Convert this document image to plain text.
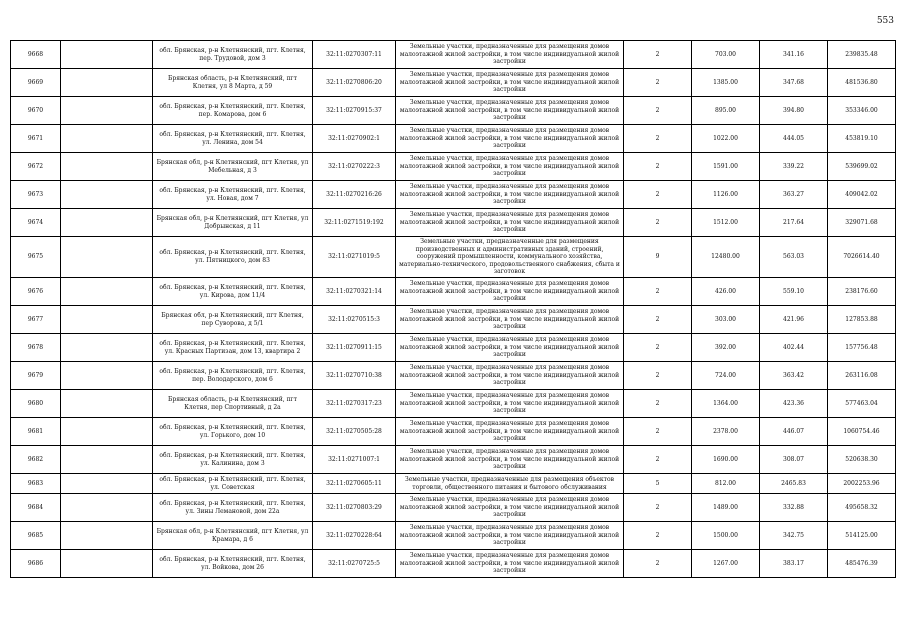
553
9668		обл. Брянская, р-н Клетнянский, пгт. Клетня, пер. Трудовой, дом 3	32:11:0270307:11	Земельные участки, предназначенные для размещения домов малоэтажной жилой застройки, в том числе индивидуальной жилой застройки	2	703.00	341.16	239835.48
9669		Брянская область, р-н Клетнянский, пгт Клетня, ул 8 Марта, д 59	32:11:0270806:20	Земельные участки, предназначенные для размещения домов малоэтажной жилой застройки, в том числе индивидуальной жилой застройки	2	1385.00	347.68	481536.80
9670		обл. Брянская, р-н Клетнянский, пгт. Клетня, пер. Комарова, дом 6	32:11:0270915:37	Земельные участки, предназначенные для размещения домов малоэтажной жилой застройки, в том числе индивидуальной жилой застройки	2	895.00	394.80	353346.00
9671		обл. Брянская, р-н Клетнянский, пгт. Клетня, ул. Ленина, дом 54	32:11:0270902:1	Земельные участки, предназначенные для размещения домов малоэтажной жилой застройки, в том числе индивидуальной жилой застройки	2	1022.00	444.05	453819.10
9672		Брянская обл, р-н Клетнянский, пгт Клетня, ул Мебельная, д 3	32:11:0270222:3	Земельные участки, предназначенные для размещения домов малоэтажной жилой застройки, в том числе индивидуальной жилой застройки	2	1591.00	339.22	539699.02
9673		обл. Брянская, р-н Клетнянский, пгт. Клетня, ул. Новая, дом 7	32:11:0270216:26	Земельные участки, предназначенные для размещения домов малоэтажной жилой застройки, в том числе индивидуальной жилой застройки	2	1126.00	363.27	409042.02
9674		Брянская обл, р-н Клетнянский, пгт Клетня, ул Добрынская, д 11	32:11:0271519:192	Земельные участки, предназначенные для размещения домов малоэтажной жилой застройки, в том числе индивидуальной жилой застройки	2	1512.00	217.64	329071.68
9675		обл. Брянская, р-н Клетнянский, пгт. Клетня, ул. Пятницкого, дом 83	32:11:0271019:5	Земельные участки, предназначенные для размещения производственных и административных зданий, строений, сооружений промышленности, коммунального хозяйства, материально-технического, продовольственного снабжения, сбыта и заготовок	9	12480.00	563.03	7026614.40
9676		обл. Брянская, р-н Клетнянский, пгт. Клетня, ул. Кирова, дом 11/4	32:11:0270321:14	Земельные участки, предназначенные для размещения домов малоэтажной жилой застройки, в том числе индивидуальной жилой застройки	2	426.00	559.10	238176.60
9677		Брянская обл, р-н Клетнянский, пгт Клетня, пер Суворова, д 5/1	32:11:0270515:3	Земельные участки, предназначенные для размещения домов малоэтажной жилой застройки, в том числе индивидуальной жилой застройки	2	303.00	421.96	127853.88
9678		обл. Брянская, р-н Клетнянский, пгт. Клетня, ул. Красных Партизан, дом 13, квартира 2	32:11:0270911:15	Земельные участки, предназначенные для размещения домов малоэтажной жилой застройки, в том числе индивидуальной жилой застройки	2	392.00	402.44	157756.48
9679		обл. Брянская, р-н Клетнянский, пгт. Клетня, пер. Володарского, дом 6	32:11:0270710:38	Земельные участки, предназначенные для размещения домов малоэтажной жилой застройки, в том числе индивидуальной жилой застройки	2	724.00	363.42	263116.08
9680		Брянская область, р-н Клетнянский, пгт Клетня, пер Спортивный, д 2а	32:11:0270317:23	Земельные участки, предназначенные для размещения домов малоэтажной жилой застройки, в том числе индивидуальной жилой застройки	2	1364.00	423.36	577463.04
9681		обл. Брянская, р-н Клетнянский, пгт. Клетня, ул. Горького, дом 10	32:11:0270505:28	Земельные участки, предназначенные для размещения домов малоэтажной жилой застройки, в том числе индивидуальной жилой застройки	2	2378.00	446.07	1060754.46
9682		обл. Брянская, р-н Клетнянский, пгт. Клетня, ул. Калинина, дом 3	32:11:0271007:1	Земельные участки, предназначенные для размещения домов малоэтажной жилой застройки, в том числе индивидуальной жилой застройки	2	1690.00	308.07	520638.30
9683		обл. Брянская, р-н Клетнянский, пгт. Клетня, ул. Советская	32:11:0270605:11	Земельные участки, предназначенные для размещения объектов торговли, общественного питания и бытового обслуживания	5	812.00	2465.83	2002253.96
9684		обл. Брянская, р-н Клетнянский, пгт. Клетня, ул. Зины Лемановой, дом 22а	32:11:0270803:29	Земельные участки, предназначенные для размещения домов малоэтажной жилой застройки, в том числе индивидуальной жилой застройки	2	1489.00	332.88	495658.32
9685		Брянская обл, р-н Клетнянский, пгт Клетня, ул Крамара, д 6	32:11:0270228:64	Земельные участки, предназначенные для размещения домов малоэтажной жилой застройки, в том числе индивидуальной жилой застройки	2	1500.00	342.75	514125.00
9686		обл. Брянская, р-н Клетнянский, пгт. Клетня, ул. Войкова, дом 26	32:11:0270725:5	Земельные участки, предназначенные для размещения домов малоэтажной жилой застройки, в том числе индивидуальной жилой застройки	2	1267.00	383.17	485476.39
